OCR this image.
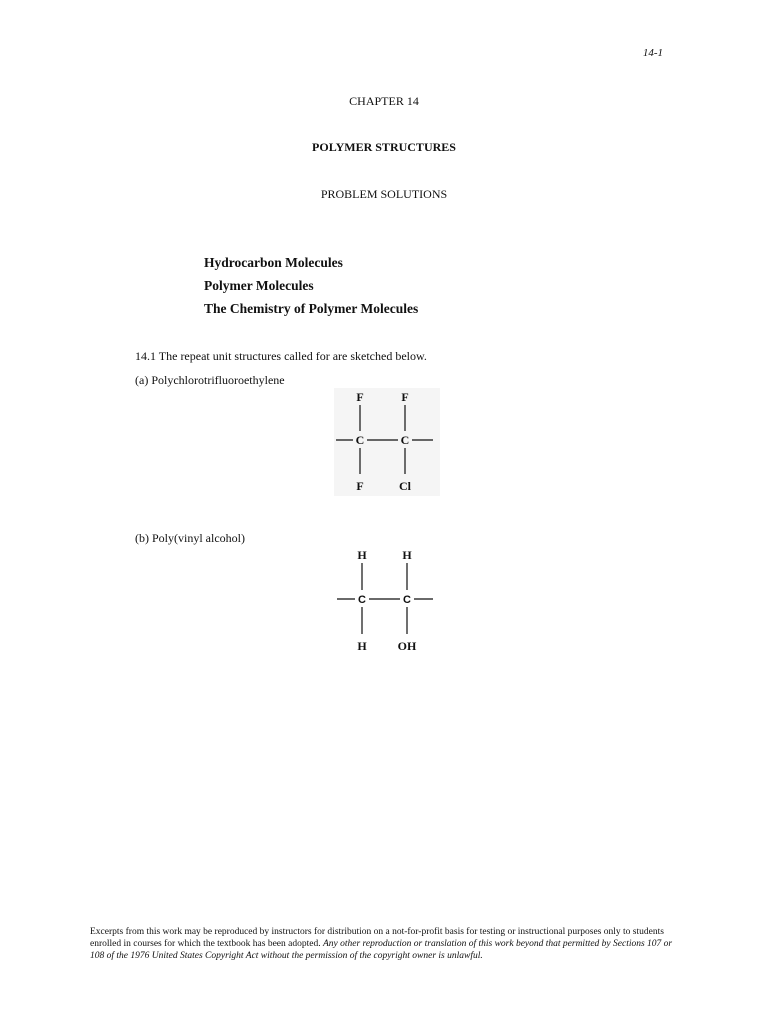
14-1
CHAPTER 14
POLYMER STRUCTURES
PROBLEM SOLUTIONS
Hydrocarbon Molecules
Polymer Molecules
The Chemistry of Polymer Molecules
14.1 The repeat unit structures called for are sketched below.
(a) Polychlorotrifluoroethylene
F	F
C	C
F	Cl
(b) Poly(vinyl alcohol)
H	H
C	C
H	OH
Excerpts from this work may be reproduced by instructors for distribution on a not-for-profit basis for testing or instructional purposes only to students enrolled in courses for which the textbook has been adopted. Any other reproduction or translation of this work beyond that permitted by Sections 107 or 108 of the 1976 United States Copyright Act without the permission of the copyright owner is unlawful.
